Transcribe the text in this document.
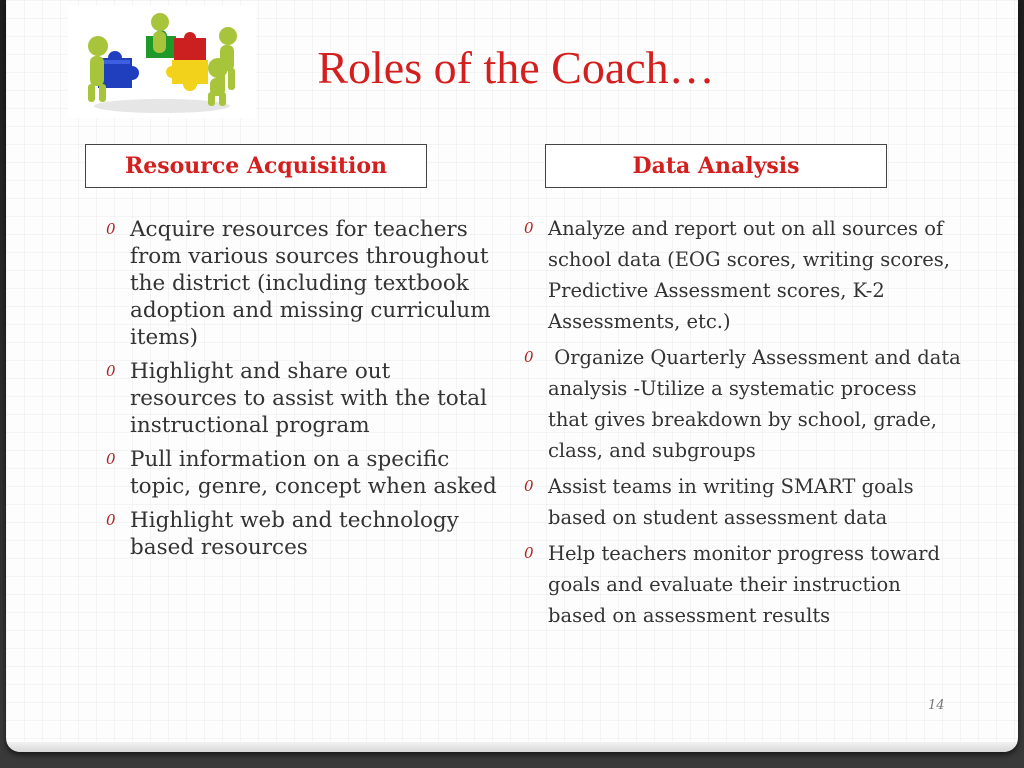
Roles of the Coach…
Resource Acquisition	Data Analysis
0 Acquire resources for teachers from various sources throughout the district (including textbook adoption and missing curriculum items)
0 Highlight and share out resources to assist with the total instructional program
0 Pull information on a specific topic, genre, concept when asked
0 Highlight web and technology based resources
0 Analyze and report out on all sources of school data (EOG scores, writing scores, Predictive Assessment scores, K-2 Assessments, etc.)
0 Organize Quarterly Assessment and data analysis -Utilize a systematic process that gives breakdown by school, grade, class, and subgroups
0 Assist teams in writing SMART goals based on student assessment data
0 Help teachers monitor progress toward goals and evaluate their instruction based on assessment results
14
